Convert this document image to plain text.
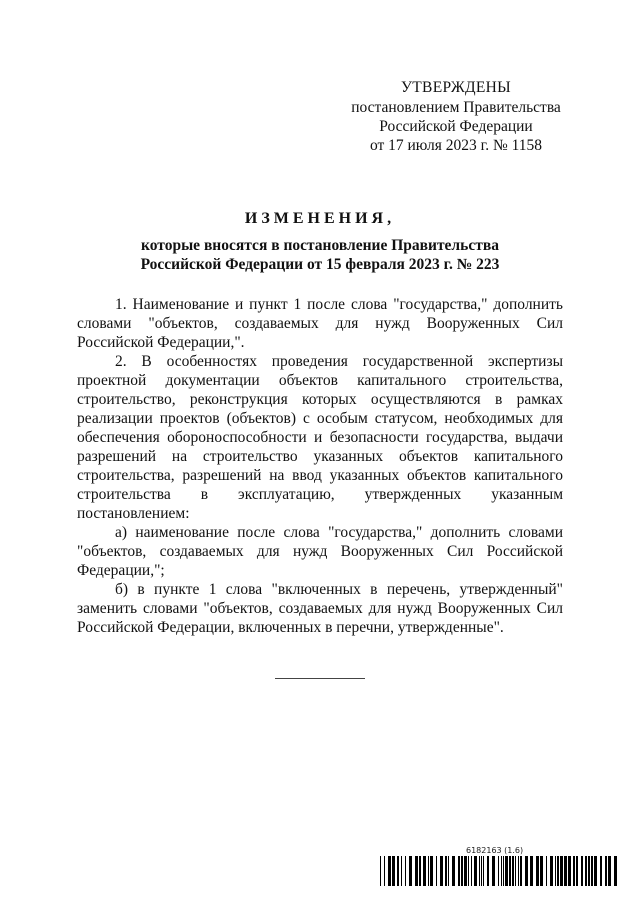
УТВЕРЖДЕНЫ
постановлением Правительства
Российской Федерации
от 17 июля 2023 г. № 1158
ИЗМЕНЕНИЯ,
которые вносятся в постановление Правительства
Российской Федерации от 15 февраля 2023 г. № 223

1. Наименование и пункт 1 после слова "государства," дополнить словами "объектов, создаваемых для нужд Вооруженных Сил Российской Федерации,".

2. В особенностях проведения государственной экспертизы проектной документации объектов капитального строительства, строительство, реконструкция которых осуществляются в рамках реализации проектов (объектов) с особым статусом, необходимых для обеспечения обороноспособности и безопасности государства, выдачи разрешений на строительство указанных объектов капитального строительства, разрешений на ввод указанных объектов капитального строительства в эксплуатацию, утвержденных указанным постановлением:

а) наименование после слова "государства," дополнить словами "объектов, создаваемых для нужд Вооруженных Сил Российской Федерации,";

б) в пункте 1 слова "включенных в перечень, утвержденный" заменить словами "объектов, создаваемых для нужд Вооруженных Сил Российской Федерации, включенных в перечни, утвержденные".

6182163 (1.6)
